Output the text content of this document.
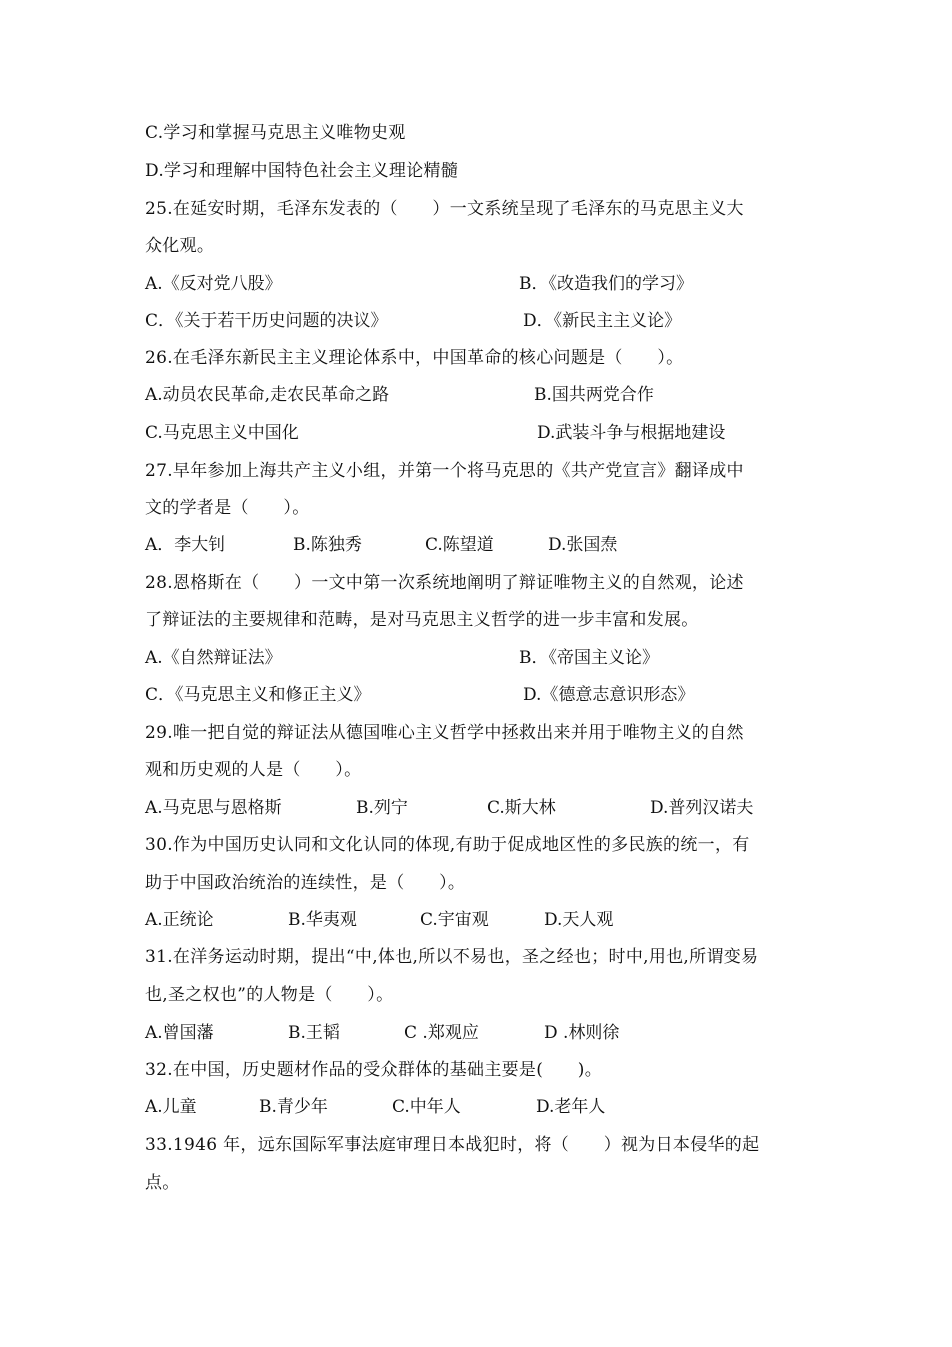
C.学习和掌握马克思主义唯物史观
D.学习和理解中国特色社会主义理论精髓
25.在延安时期，毛泽东发表的（　　）一文系统呈现了毛泽东的马克思主义大
众化观。
A.《反对党八股》	B．《改造我们的学习》
C．《关于若干历史问题的决议》	D．《新民主主义论》
26.在毛泽东新民主主义理论体系中，中国革命的核心问题是（　　）。
A.动员农民革命,走农民革命之路	B.国共两党合作
C.马克思主义中国化	D.武装斗争与根据地建设
27.早年参加上海共产主义小组，并第一个将马克思的《共产党宣言》翻译成中
文的学者是（　　）。
A．李大钊	B.陈独秀	C.陈望道	D.张国焘
28.恩格斯在（　　）一文中第一次系统地阐明了辩证唯物主义的自然观，论述
了辩证法的主要规律和范畴，是对马克思主义哲学的进一步丰富和发展。
A.《自然辩证法》	B．《帝国主义论》
C．《马克思主义和修正主义》	D.《德意志意识形态》
29.唯一把自觉的辩证法从德国唯心主义哲学中拯救出来并用于唯物主义的自然
观和历史观的人是（　　）。
A.马克思与恩格斯	B.列宁	C.斯大林	D.普列汉诺夫
30.作为中国历史认同和文化认同的体现,有助于促成地区性的多民族的统一，有
助于中国政治统治的连续性，是（　　）。
A.正统论	B.华夷观	C.宇宙观	D.天人观
31.在洋务运动时期，提出“中,体也,所以不易也，圣之经也；时中,用也,所谓变易
也,圣之权也”的人物是（　　）。
A.曾国藩	B.王韬	C .郑观应	D .林则徐
32.在中国，历史题材作品的受众群体的基础主要是(　　)。
A.儿童	B.青少年	C.中年人	D.老年人
33.1946 年，远东国际军事法庭审理日本战犯时，将（　　）视为日本侵华的起
点。
